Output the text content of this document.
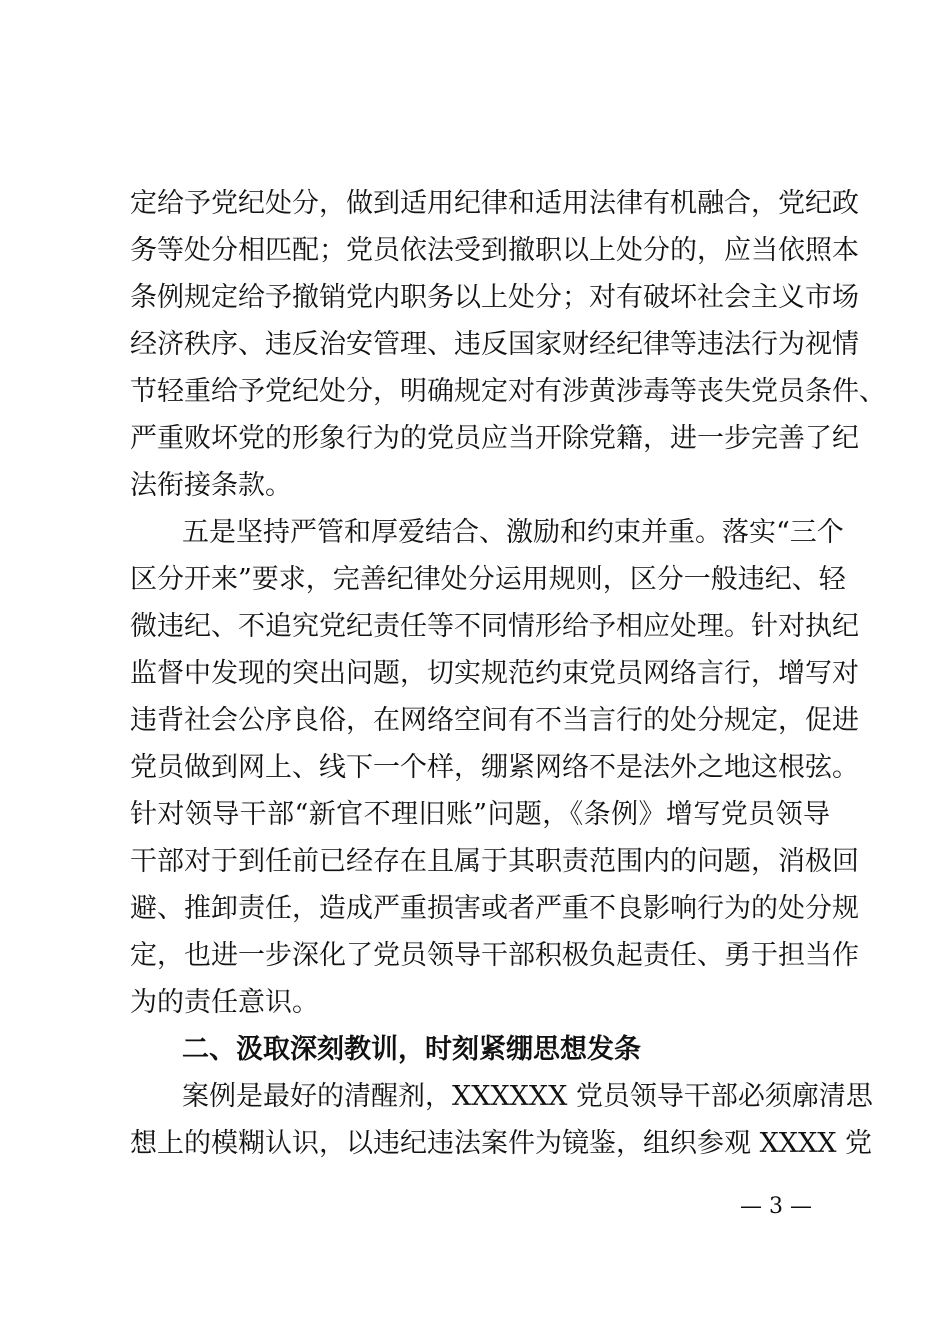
定给予党纪处分，做到适用纪律和适用法律有机融合，党纪政
务等处分相匹配；党员依法受到撤职以上处分的，应当依照本
条例规定给予撤销党内职务以上处分；对有破坏社会主义市场
经济秩序、违反治安管理、违反国家财经纪律等违法行为视情
节轻重给予党纪处分，明确规定对有涉黄涉毒等丧失党员条件、
严重败坏党的形象行为的党员应当开除党籍，进一步完善了纪
法衔接条款。
五是坚持严管和厚爱结合、激励和约束并重。落实“三个
区分开来”要求，完善纪律处分运用规则，区分一般违纪、轻
微违纪、不追究党纪责任等不同情形给予相应处理。针对执纪
监督中发现的突出问题，切实规范约束党员网络言行，增写对
违背社会公序良俗，在网络空间有不当言行的处分规定，促进
党员做到网上、线下一个样，绷紧网络不是法外之地这根弦。
针对领导干部“新官不理旧账”问题，《条例》增写党员领导
干部对于到任前已经存在且属于其职责范围内的问题，消极回
避、推卸责任，造成严重损害或者严重不良影响行为的处分规
定，也进一步深化了党员领导干部积极负起责任、勇于担当作
为的责任意识。
二、汲取深刻教训，时刻紧绷思想发条
案例是最好的清醒剂，XXXXXX 党员领导干部必须廓清思
想上的模糊认识，以违纪违法案件为镜鉴，组织参观 XXXX 党
— 3 —
